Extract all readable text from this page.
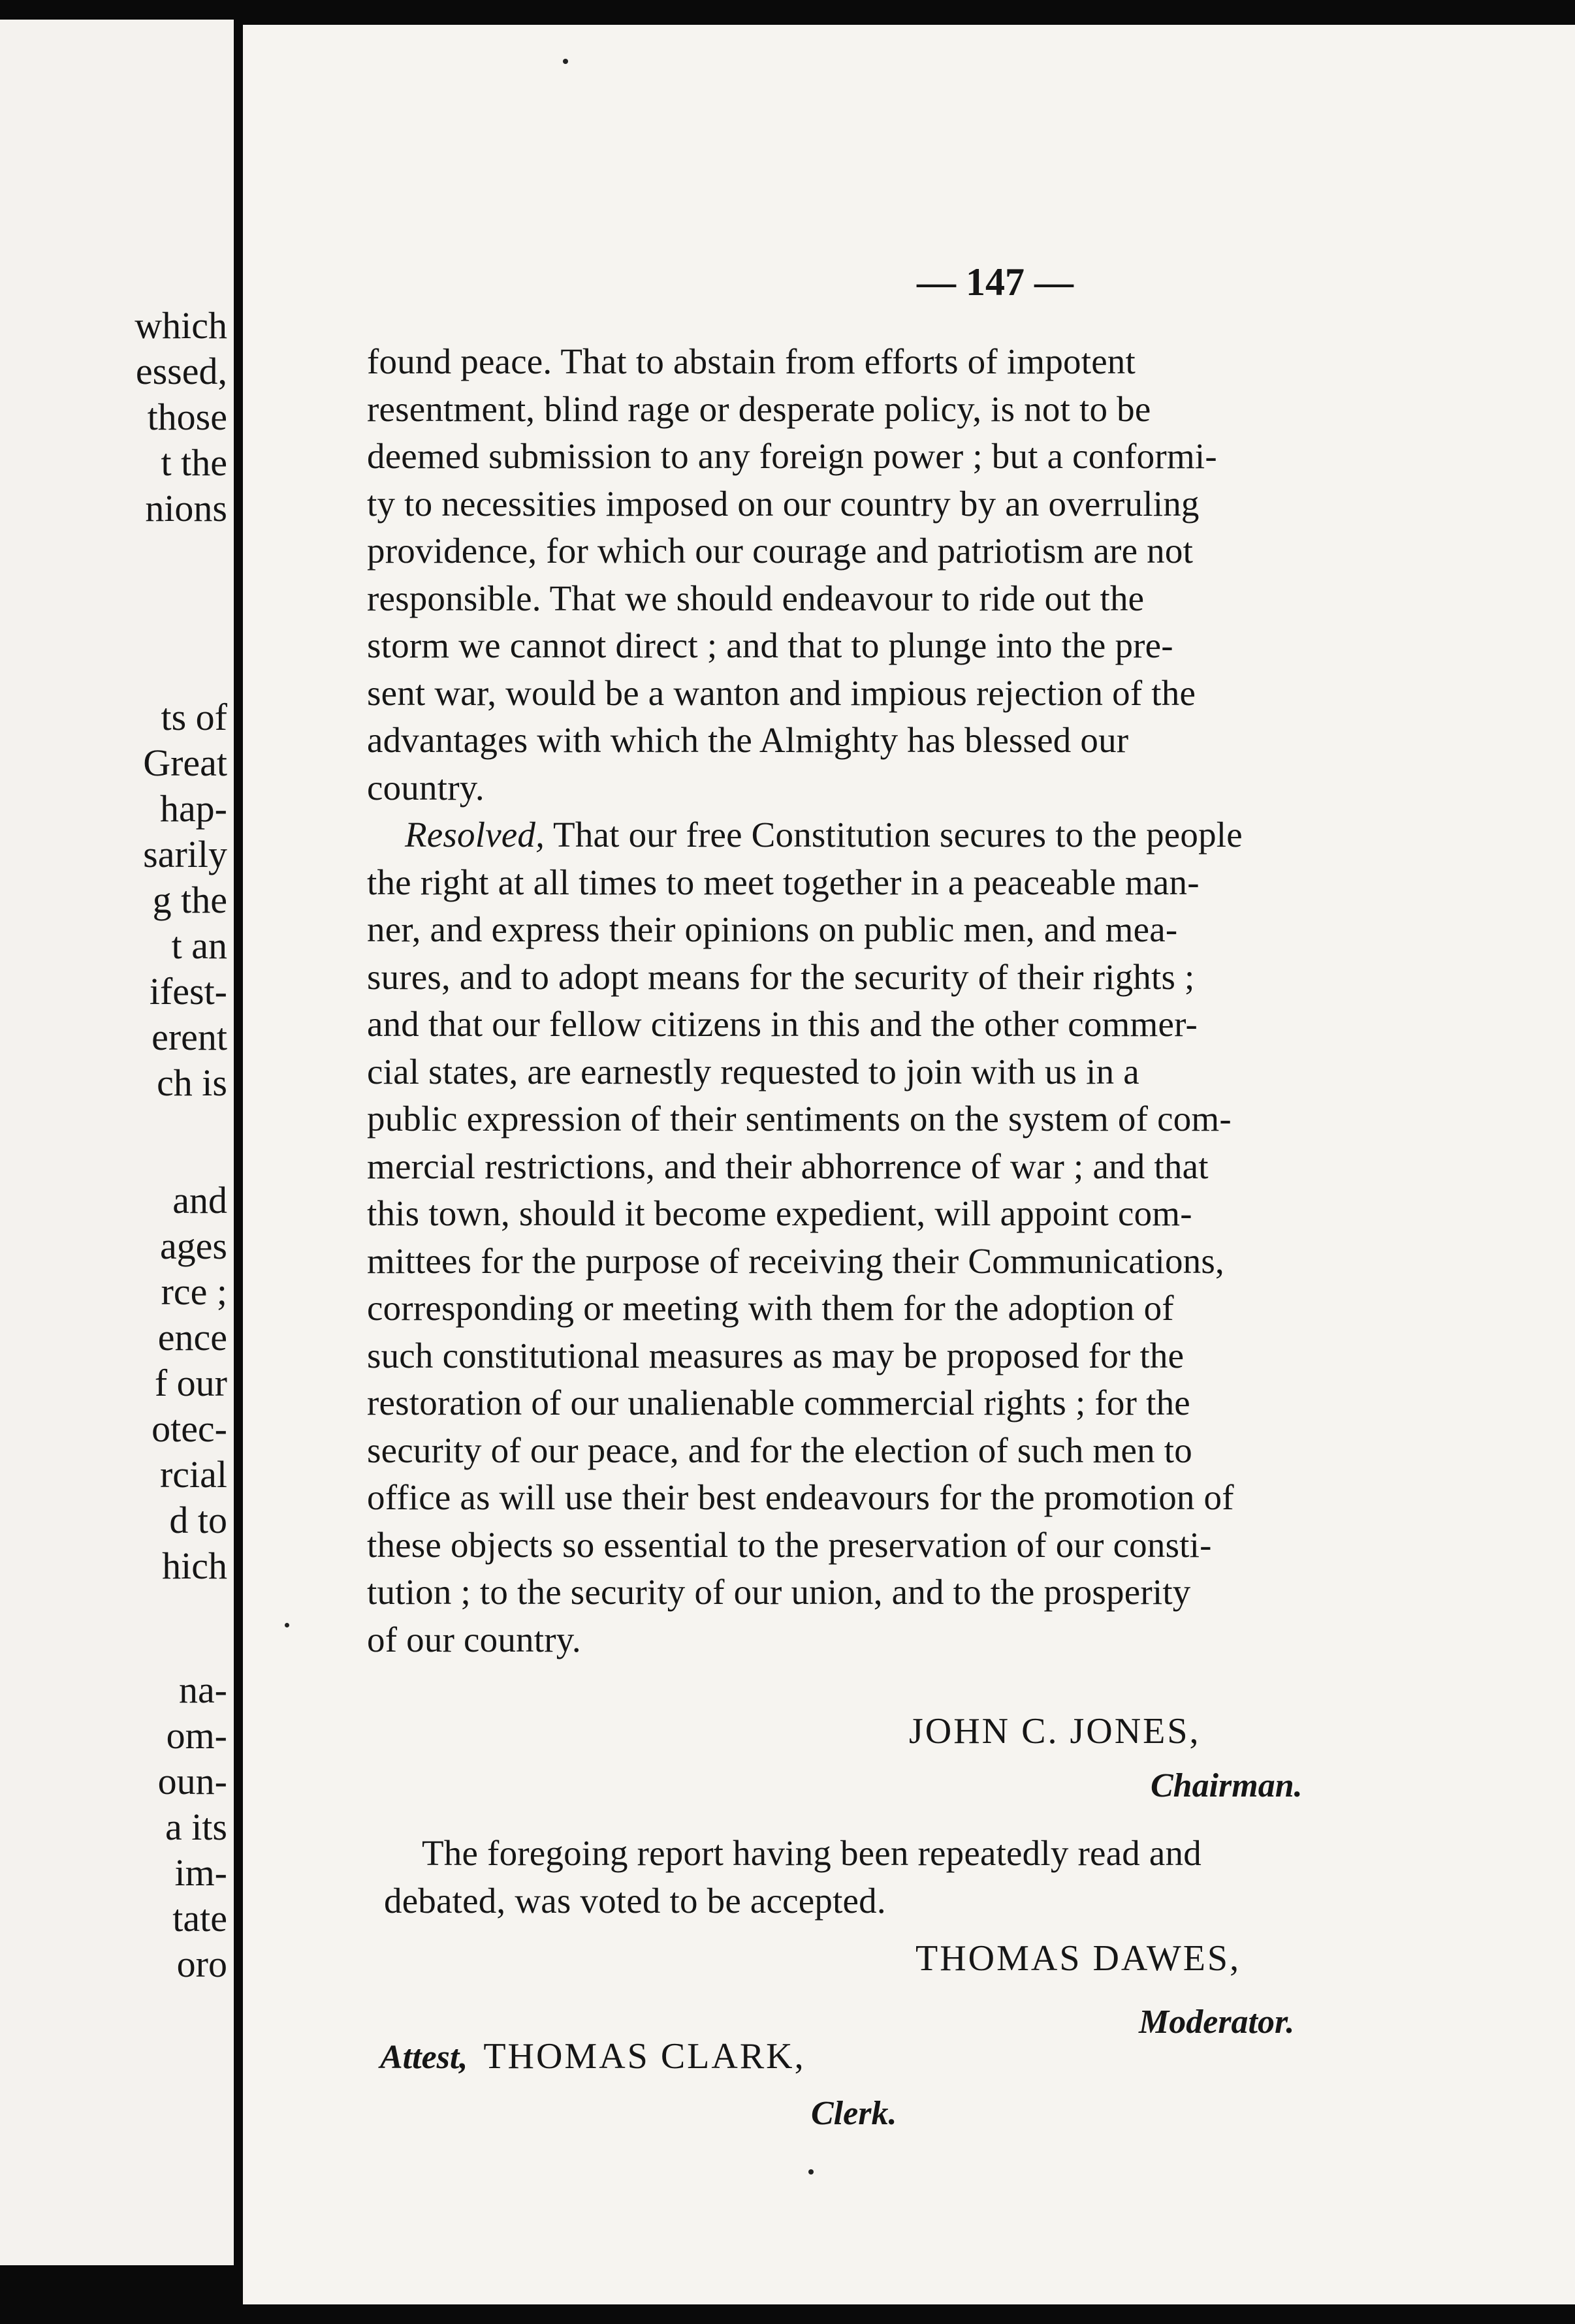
which
essed,
those
t the
nions
ts of
Great
hap-
sarily
g the
t an
ifest-
erent
ch is
and
ages
rce ;
ence
f our
otec-
rcial
d to
hich
na-
om-
oun-
a its
im-
tate
oro
— 147 —
found peace. That to abstain from efforts of impotent
resentment, blind rage or desperate policy, is not to be
deemed submission to any foreign power ; but a conformi-
ty to necessities imposed on our country by an overruling
providence, for which our courage and patriotism are not
responsible. That we should endeavour to ride out the
storm we cannot direct ; and that to plunge into the pre-
sent war, would be a wanton and impious rejection of the
advantages with which the Almighty has blessed our
country.
Resolved, That our free Constitution secures to the people
the right at all times to meet together in a peaceable man-
ner, and express their opinions on public men, and mea-
sures, and to adopt means for the security of their rights ;
and that our fellow citizens in this and the other commer-
cial states, are earnestly requested to join with us in a
public expression of their sentiments on the system of com-
mercial restrictions, and their abhorrence of war ; and that
this town, should it become expedient, will appoint com-
mittees for the purpose of receiving their Communications,
corresponding or meeting with them for the adoption of
such constitutional measures as may be proposed for the
restoration of our unalienable commercial rights ; for the
security of our peace, and for the election of such men to
office as will use their best endeavours for the promotion of
these objects so essential to the preservation of our consti-
tution ; to the security of our union, and to the prosperity
of our country.
JOHN C. JONES,
Chairman.
The foregoing report having been repeatedly read and
debated, was voted to be accepted.
THOMAS DAWES,
Moderator.
Attest, THOMAS CLARK,
Clerk.
